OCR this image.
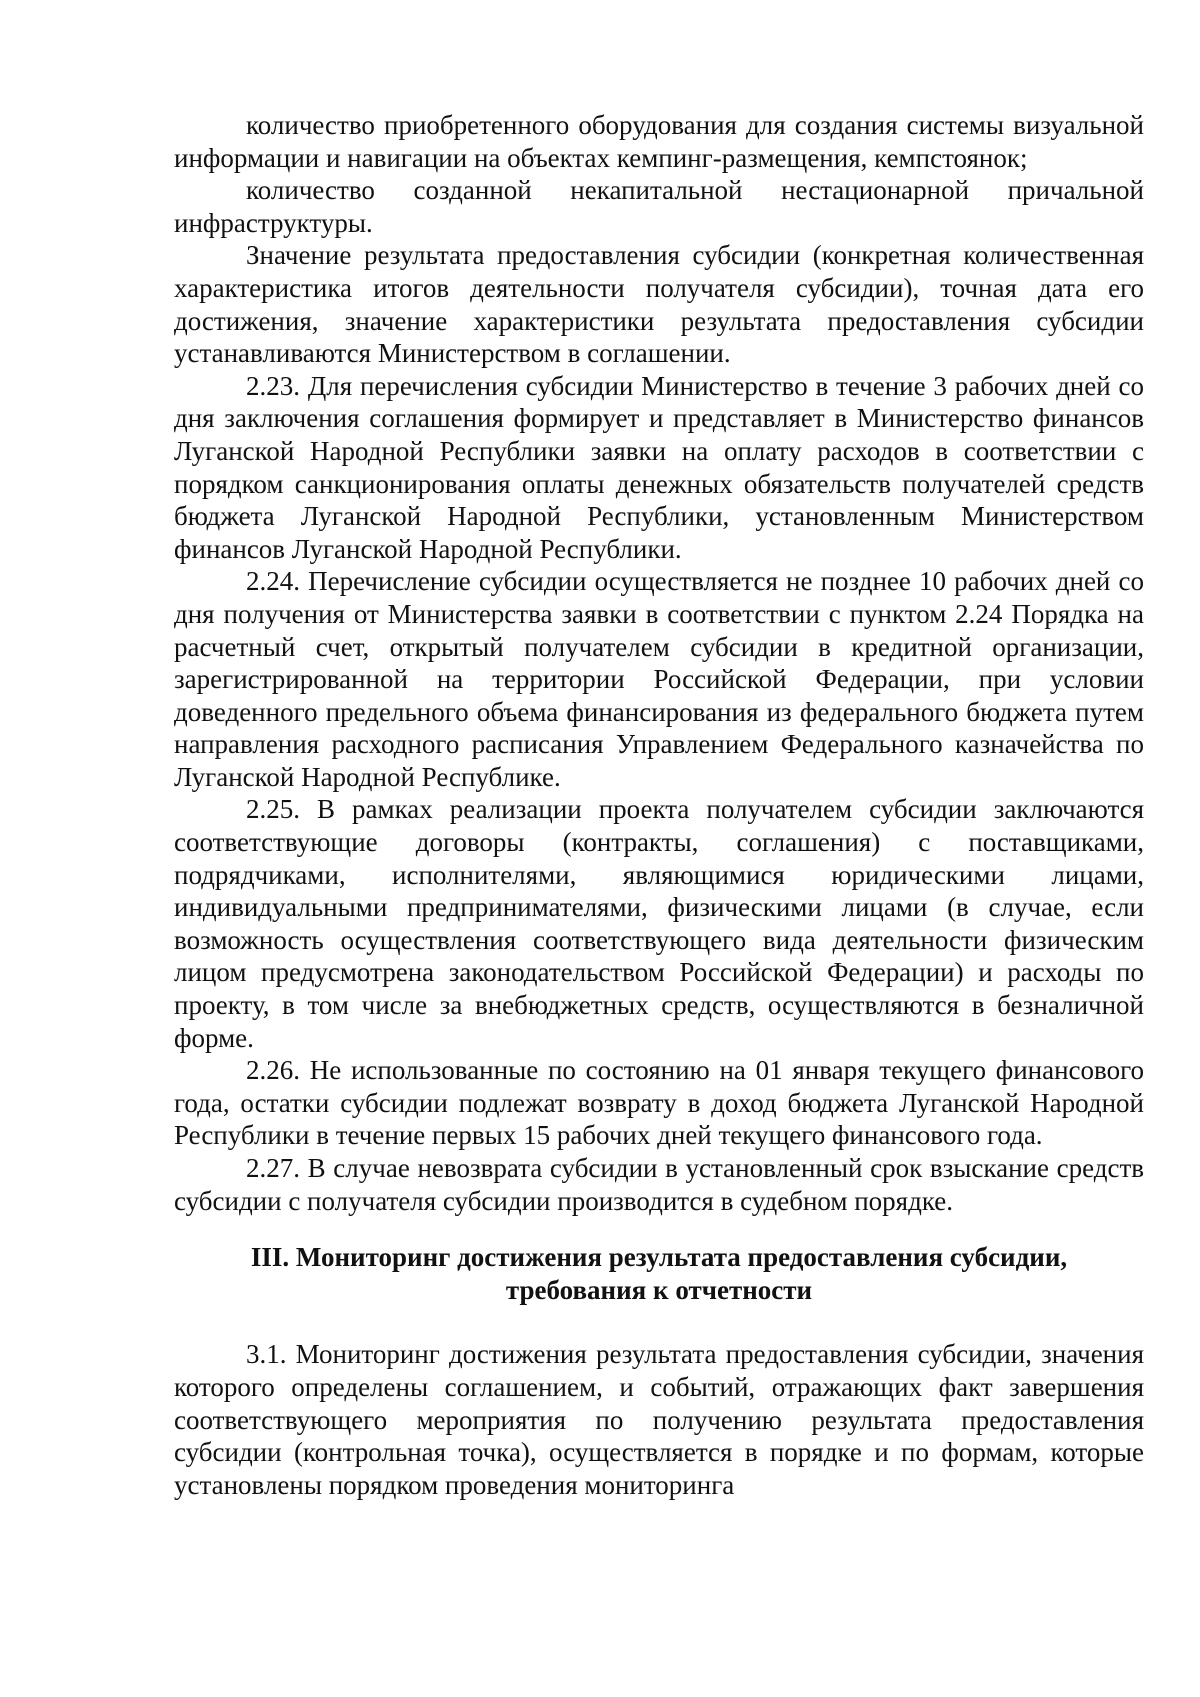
количество приобретенного оборудования для создания системы визуальной информации и навигации на объектах кемпинг-размещения, кемпстоянок;

количество созданной некапитальной нестационарной причальной инфраструктуры.

Значение результата предоставления субсидии (конкретная количественная характеристика итогов деятельности получателя субсидии), точная дата его достижения, значение характеристики результата предоставления субсидии устанавливаются Министерством в соглашении.

2.23. Для перечисления субсидии Министерство в течение 3 рабочих дней со дня заключения соглашения формирует и представляет в Министерство финансов Луганской Народной Республики заявки на оплату расходов в соответствии с порядком санкционирования оплаты денежных обязательств получателей средств бюджета Луганской Народной Республики, установленным Министерством финансов Луганской Народной Республики.

2.24. Перечисление субсидии осуществляется не позднее 10 рабочих дней со дня получения от Министерства заявки в соответствии с пунктом 2.24 Порядка на расчетный счет, открытый получателем субсидии в кредитной организации, зарегистрированной на территории Российской Федерации, при условии доведенного предельного объема финансирования из федерального бюджета путем направления расходного расписания Управлением Федерального казначейства по Луганской Народной Республике.

2.25. В рамках реализации проекта получателем субсидии заключаются соответствующие договоры (контракты, соглашения) с поставщиками, подрядчиками, исполнителями, являющимися юридическими лицами, индивидуальными предпринимателями, физическими лицами (в случае, если возможность осуществления соответствующего вида деятельности физическим лицом предусмотрена законодательством Российской Федерации) и расходы по проекту, в том числе за внебюджетных средств, осуществляются в безналичной форме.

2.26. Не использованные по состоянию на 01 января текущего финансового года, остатки субсидии подлежат возврату в доход бюджета Луганской Народной Республики в течение первых 15 рабочих дней текущего финансового года.

2.27. В случае невозврата субсидии в установленный срок взыскание средств субсидии с получателя субсидии производится в судебном порядке.

III. Мониторинг достижения результата предоставления субсидии,
требования к отчетности

3.1. Мониторинг достижения результата предоставления субсидии, значения которого определены соглашением, и событий, отражающих факт завершения соответствующего мероприятия по получению результата предоставления субсидии (контрольная точка), осуществляется в порядке и по формам, которые установлены порядком проведения мониторинга
